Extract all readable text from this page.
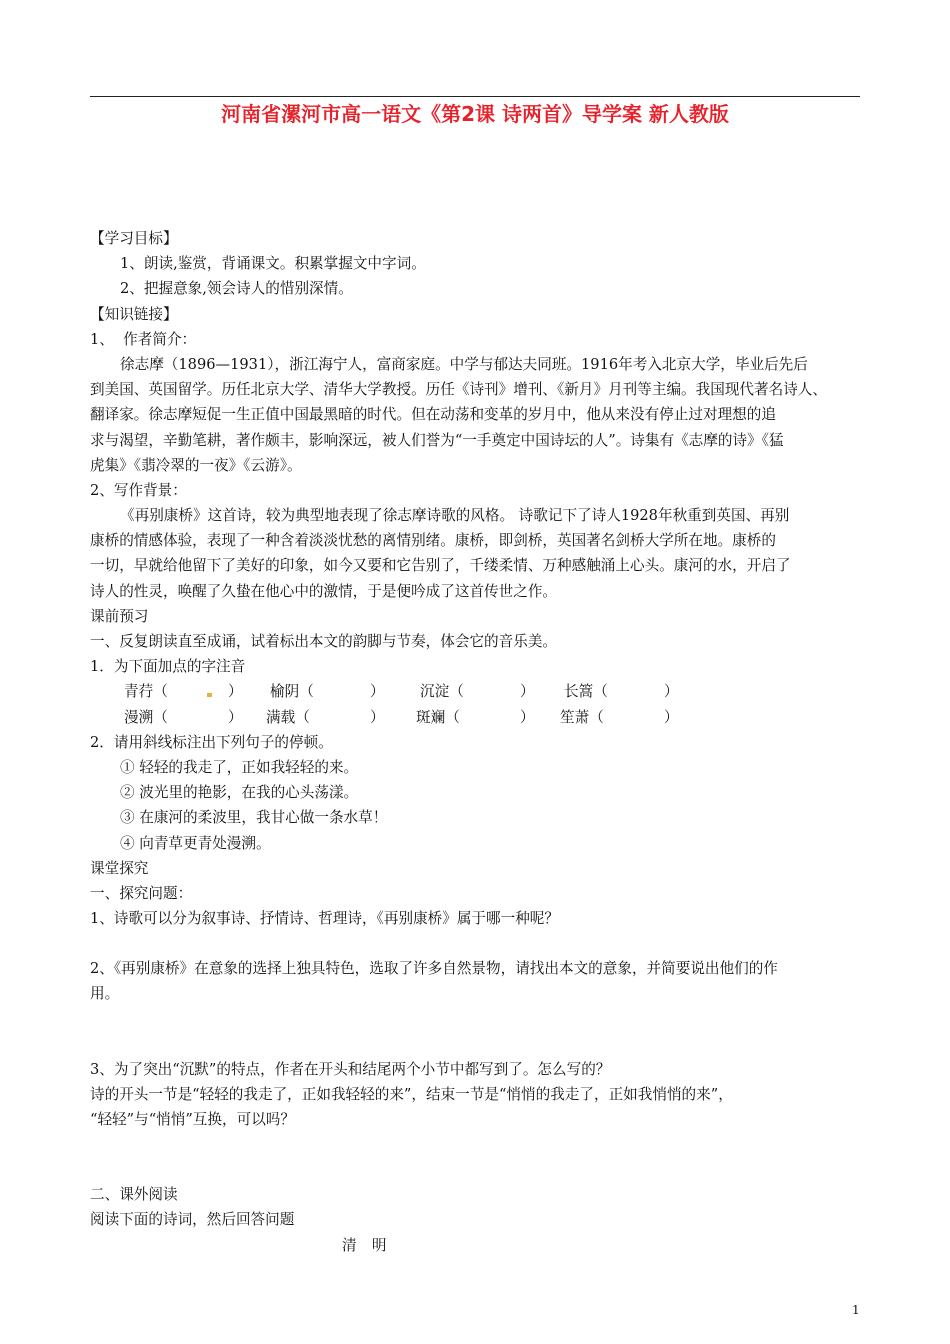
河南省漯河市高一语文《第2课 诗两首》导学案 新人教版
【学习目标】
1、朗读,鉴赏，背诵课文。积累掌握文中字词。
2、把握意象,领会诗人的惜别深情。
【知识链接】
1、  作者简介：
徐志摩（1896—1931），浙江海宁人，富商家庭。中学与郁达夫同班。1916年考入北京大学，毕业后先后
到美国、英国留学。历任北京大学、清华大学教授。历任《诗刊》增刊、《新月》月刊等主编。我国现代著名诗人、
翻译家。徐志摩短促一生正值中国最黑暗的时代。但在动荡和变革的岁月中，他从来没有停止过对理想的追
求与渴望，辛勤笔耕，著作颇丰，影响深远，被人们誉为“一手奠定中国诗坛的人”。诗集有《志摩的诗》《猛
虎集》《翡冷翠的一夜》《云游》。
2、写作背景：
《再别康桥》这首诗，较为典型地表现了徐志摩诗歌的风格。 诗歌记下了诗人1928年秋重到英国、再别
康桥的情感体验，表现了一种含着淡淡忧愁的离情别绪。康桥，即剑桥，英国著名剑桥大学所在地。康桥的
一切，早就给他留下了美好的印象，如今又要和它告别了，千缕柔情、万种感触涌上心头。康河的水，开启了
诗人的性灵，唤醒了久蛰在他心中的激情，于是便吟成了这首传世之作。
课前预习
一、反复朗读直至成诵，试着标出本文的韵脚与节奏，体会它的音乐美。
1．为下面加点的字注音
青荇（	） 榆阴（	） 沉淀（	） 长篙（	）
漫溯（	） 满载（	） 斑斓（	） 笙萧（	）
2．请用斜线标注出下列句子的停顿。
① 轻轻的我走了，正如我轻轻的来。
② 波光里的艳影，在我的心头荡漾。
③ 在康河的柔波里，我甘心做一条水草！
④ 向青草更青处漫溯。
课堂探究
一、探究问题：
1、诗歌可以分为叙事诗、抒情诗、哲理诗，《再别康桥》属于哪一种呢？
2、《再别康桥》在意象的选择上独具特色，选取了许多自然景物，请找出本文的意象，并简要说出他们的作
用。
3、为了突出“沉默”的特点，作者在开头和结尾两个小节中都写到了。怎么写的？
诗的开头一节是“轻轻的我走了，正如我轻轻的来”，结束一节是“悄悄的我走了，正如我悄悄的来”，
“轻轻”与“悄悄”互换，可以吗？
二、课外阅读
阅读下面的诗词，然后回答问题
清  明
1
